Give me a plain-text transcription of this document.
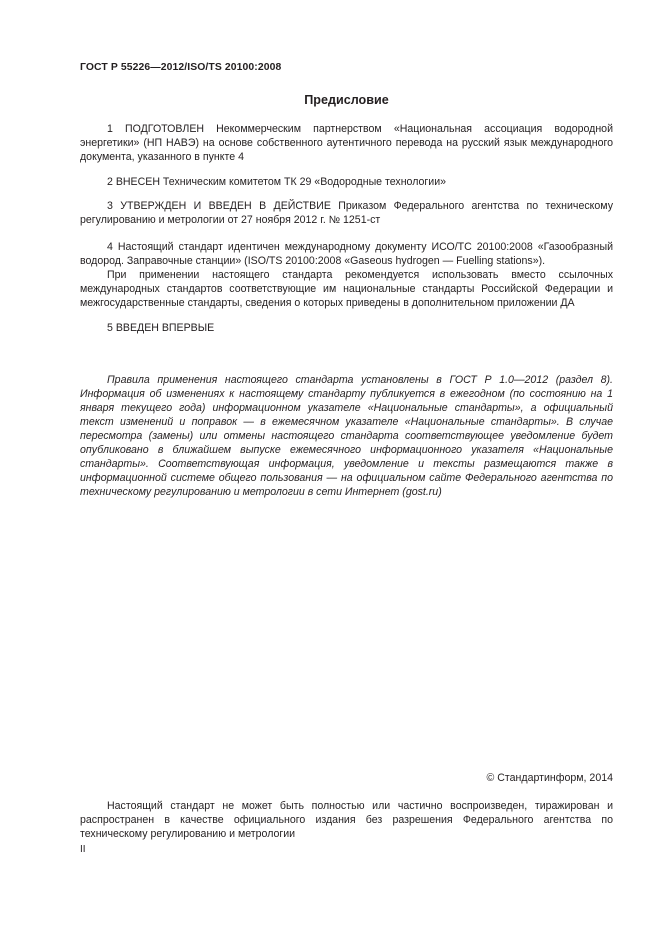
ГОСТ Р 55226—2012/ISO/TS 20100:2008
Предисловие

1 ПОДГОТОВЛЕН Некоммерческим партнерством «Национальная ассоциация водородной энергетики» (НП НАВЭ) на основе собственного аутентичного перевода на русский язык международного документа, указанного в пункте 4

2 ВНЕСЕН Техническим комитетом ТК 29 «Водородные технологии»

3 УТВЕРЖДЕН И ВВЕДЕН В ДЕЙСТВИЕ Приказом Федерального агентства по техническому регулированию и метрологии от 27 ноября 2012 г. № 1251-ст

4 Настоящий стандарт идентичен международному документу ИСО/ТС 20100:2008 «Газообразный водород. Заправочные станции» (ISO/TS 20100:2008 «Gaseous hydrogen — Fuelling stations»).

При применении настоящего стандарта рекомендуется использовать вместо ссылочных международных стандартов соответствующие им национальные стандарты Российской Федерации и межгосударственные стандарты, сведения о которых приведены в дополнительном приложении ДА

5 ВВЕДЕН ВПЕРВЫЕ

Правила применения настоящего стандарта установлены в ГОСТ Р 1.0—2012 (раздел 8). Информация об изменениях к настоящему стандарту публикуется в ежегодном (по состоянию на 1 января текущего года) информационном указателе «Национальные стандарты», а официальный текст изменений и поправок — в ежемесячном указателе «Национальные стандарты». В случае пересмотра (замены) или отмены настоящего стандарта соответствующее уведомление будет опубликовано в ближайшем выпуске ежемесячного информационного указателя «Национальные стандарты». Соответствующая информация, уведомление и тексты размещаются также в информационной системе общего пользования — на официальном сайте Федерального агентства по техническому регулированию и метрологии в сети Интернет (gost.ru)

© Стандартинформ, 2014

Настоящий стандарт не может быть полностью или частично воспроизведен, тиражирован и распространен в качестве официального издания без разрешения Федерального агентства по техническому регулированию и метрологии

II
